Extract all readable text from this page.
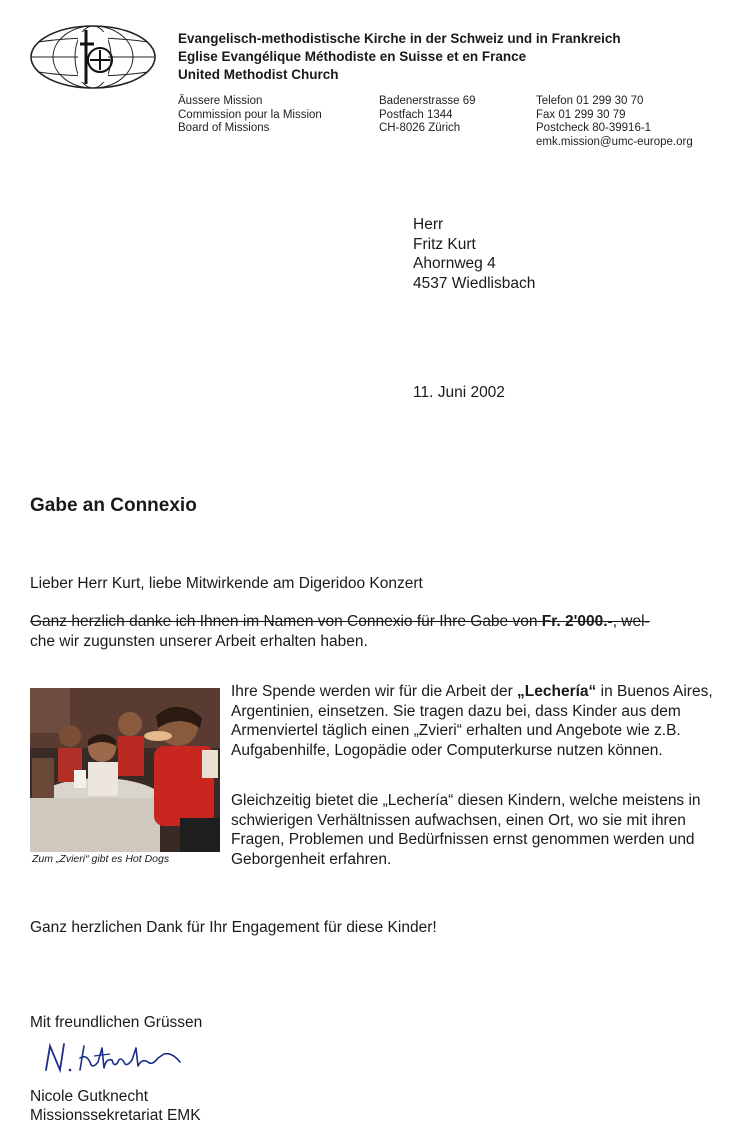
Evangelisch-methodistische Kirche in der Schweiz und in Frankreich
Eglise Evangélique Méthodiste en Suisse et en France
United Methodist Church
Äussere Mission
Commission pour la Mission
Board of Missions
Badenerstrasse 69
Postfach 1344
CH-8026 Zürich
Telefon 01 299 30 70
Fax 01 299 30 79
Postcheck 80-39916-1
emk.mission@umc-europe.org
Herr
Fritz Kurt
Ahornweg 4
4537 Wiedlisbach
11. Juni 2002
Gabe an Connexio
Lieber Herr Kurt, liebe Mitwirkende am Digeridoo Konzert
Ganz herzlich danke ich Ihnen im Namen von Connexio für Ihre Gabe von Fr. 2'000.-, wel-
che wir zugunsten unserer Arbeit erhalten haben.
Zum „Zvieri“ gibt es Hot Dogs
Ihre Spende werden wir für die Arbeit der „Lechería“ in Buenos Aires, Argentinien, einsetzen. Sie tragen dazu bei, dass Kinder aus dem Armenviertel täglich einen „Zvieri“ erhalten und Angebote wie z.B. Aufgabenhilfe, Logopädie oder Computerkurse nutzen können.
Gleichzeitig bietet die „Lechería“ diesen Kindern, welche meistens in schwierigen Verhältnissen aufwachsen, einen Ort, wo sie mit ihren Fragen, Problemen und Bedürfnissen ernst genommen werden und Geborgenheit erfahren.
Ganz herzlichen Dank für Ihr Engagement für diese Kinder!
Mit freundlichen Grüssen
Nicole Gutknecht
Missionssekretariat EMK
